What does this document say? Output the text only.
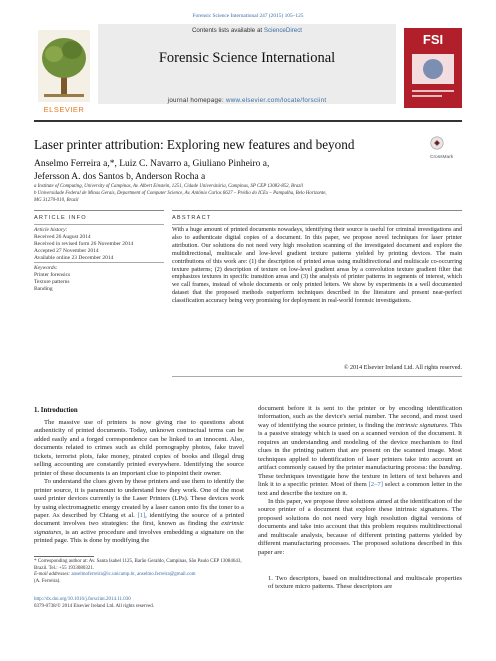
Forensic Science International 247 (2015) 105–125
ELSEVIER
Contents lists available at ScienceDirect
Forensic Science International
journal homepage: www.elsevier.com/locate/forsciint
FSI
Laser printer attribution: Exploring new features and beyond
CrossMark
Anselmo Ferreira a,*, Luiz C. Navarro a, Giuliano Pinheiro a,
Jefersson A. dos Santos b, Anderson Rocha a
a Institute of Computing, University of Campinas, Av. Albert Einstein, 1251, Cidade Universitária, Campinas, SP CEP 13083-852, Brazil
b Universidade Federal de Minas Gerais, Department of Computer Science, Av. Antônio Carlos 6627 – Prédio do ICEx – Pampulha, Belo Horizonte,
MG 31270-010, Brazil
ARTICLE INFO	ABSTRACT
Article history:
Received 26 August 2014
Received in revised form 26 November 2014
Accepted 27 November 2014
Available online 23 December 2014
Keywords:
Printer forensics
Texture patterns
Banding
With a huge amount of printed documents nowadays, identifying their source is useful for criminal investigations and also to authenticate digital copies of a document. In this paper, we propose novel techniques for laser printer attribution. Our solutions do not need very high resolution scanning of the investigated document and explore the multidirectional, multiscale and low-level gradient texture patterns yielded by printing devices. The main contributions of this work are: (1) the description of printed areas using multidirectional and multiscale co-occurring texture patterns; (2) description of texture on low-level gradient areas by a convolution texture gradient filter that emphasizes textures in specific transition areas and (3) the analysis of printer patterns in segments of interest, which we call frames, instead of whole documents or only printed letters. We show by experiments in a well documented dataset that the proposed methods outperform techniques described in the literature and present near-perfect classification accuracy being very promising for deployment in real-world forensic investigations.
© 2014 Elsevier Ireland Ltd. All rights reserved.
1. Introduction

The massive use of printers is now giving rise to questions about authenticity of printed documents. Today, unknown contractual terms can be added easily and a forged correspondence can be linked to an innocent. Also, documents related to crimes such as child pornography photos, fake travel tickets, terrorist plots, fake money, pirated copies of books and illegal drug selling accounting are constantly printed everywhere. Identifying the source printer of these documents is an important clue to pinpoint their owner.

To understand the clues given by these printers and use them to identify the printer source, it is paramount to understand how they work. One of the most used printer devices currently is the Laser Printers (LPs). These devices work by using electromagnetic energy created by a laser canon onto fix the toner to a paper. As described by Chiang et al. [1], identifying the source of a printed document involves two strategies: the first, known as finding the extrinsic signatures, is an active procedure and involves embedding a signature on the printed page. This is done by modifying the

document before it is sent to the printer or by encoding identification information, such as the device's serial number. The second, and most used way of identifying the source printer, is finding the intrinsic signatures. This is a passive strategy which is used on a scanned version of the document. It requires an understanding and modeling of the device mechanism to find clues in the printing pattern that are present on the scanned image. Most techniques applied to identification of laser printers take into account an artifact commonly caused by the printer manufacturing process: the banding. These techniques investigate how the texture in letters of text behaves and link it to a specific printer. Most of them [2–7] select a common letter in the text and describe the texture on it.

In this paper, we propose three solutions aimed at the identification of the source printer of a document that explore these intrinsic signatures. The proposed solutions do not need very high resolution digital versions of documents and take into account that this problem requires multidirectional and multiscale analysis, because of different printing patterns yielded by different manufacturing processes. The proposed solutions described in this paper are:

1. Two descriptors, based on multidirectional and multiscale properties of texture micro patterns. These descriptors are
* Corresponding author at: Av. Santa Isabel 1125, Barão Geraldo, Campinas, São Paulo CEP 13084643, Brazil. Tel.: +55 1933080321.
E-mail addresses: anselmoferreira@ic.unicamp.br, anselmo.ferreira@gmail.com
(A. Ferreira).
http://dx.doi.org/10.1016/j.forsciint.2014.11.030
0379-0738/© 2014 Elsevier Ireland Ltd. All rights reserved.
